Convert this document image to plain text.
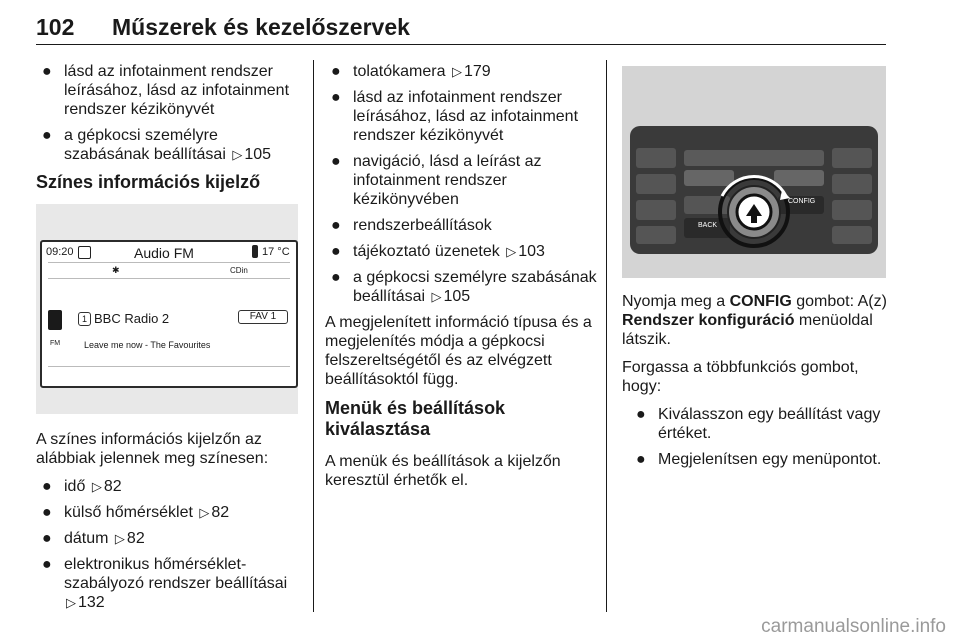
102 Műszerek és kezelőszervek
● lásd az infotainment rendszer leírásához, lásd az infotainment rendszer kézikönyvét
● a gépkocsi személyre szabásának beállításai ▷ 105
Színes információs kijelző
09:20	Audio FM	17 °C
✱	CDin
1 BBC Radio 2	FAV 1
FM	Leave me now - The Favourites

A színes információs kijelzőn az alábbiak jelennek meg színesen:

● idő ▷ 82
● külső hőmérséklet ▷ 82
● dátum ▷ 82
● elektronikus hőmérséklet-szabályozó rendszer beállításai ▷ 132
● tolatókamera ▷ 179
● lásd az infotainment rendszer leírásához, lásd az infotainment rendszer kézikönyvét
● navigáció, lásd a leírást az infotainment rendszer kézikönyvében
● rendszerbeállítások
● tájékoztató üzenetek ▷ 103
● a gépkocsi személyre szabásának beállításai ▷ 105

A megjelenített információ típusa és a megjelenítés módja a gépkocsi felszereltségétől és az elvégzett beállításoktól függ.

Menük és beállítások kiválasztása

A menük és beállítások a kijelzőn keresztül érhetők el.

CONFIG
BACK

Nyomja meg a CONFIG gombot: A(z) Rendszer konfiguráció menüoldal látszik.

Forgassa a többfunkciós gombot, hogy:

● Kiválasszon egy beállítást vagy értéket.
● Megjelenítsen egy menüpontot.
carmanualsonline.info
